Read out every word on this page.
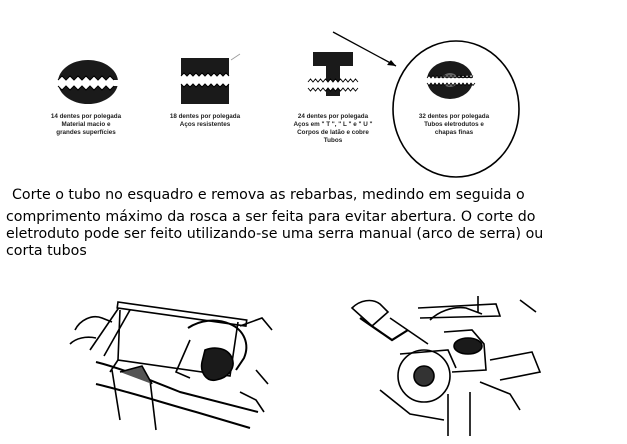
14 dentes por polegada
Material macio e
grandes superfícies
18 dentes por polegada
Aços resistentes
24 dentes por polegada
Aços em " T ", " L " e " U "
Corpos de latão e cobre
Tubos
32 dentes por polegada
Tubos eletrodutos e
chapas finas
Corte o tubo no esquadro e remova as rebarbas, medindo em seguida o
comprimento máximo da rosca a ser feita para evitar abertura. O corte do
eletroduto pode ser feito utilizando-se uma serra manual (arco de serra) ou
corta tubos
